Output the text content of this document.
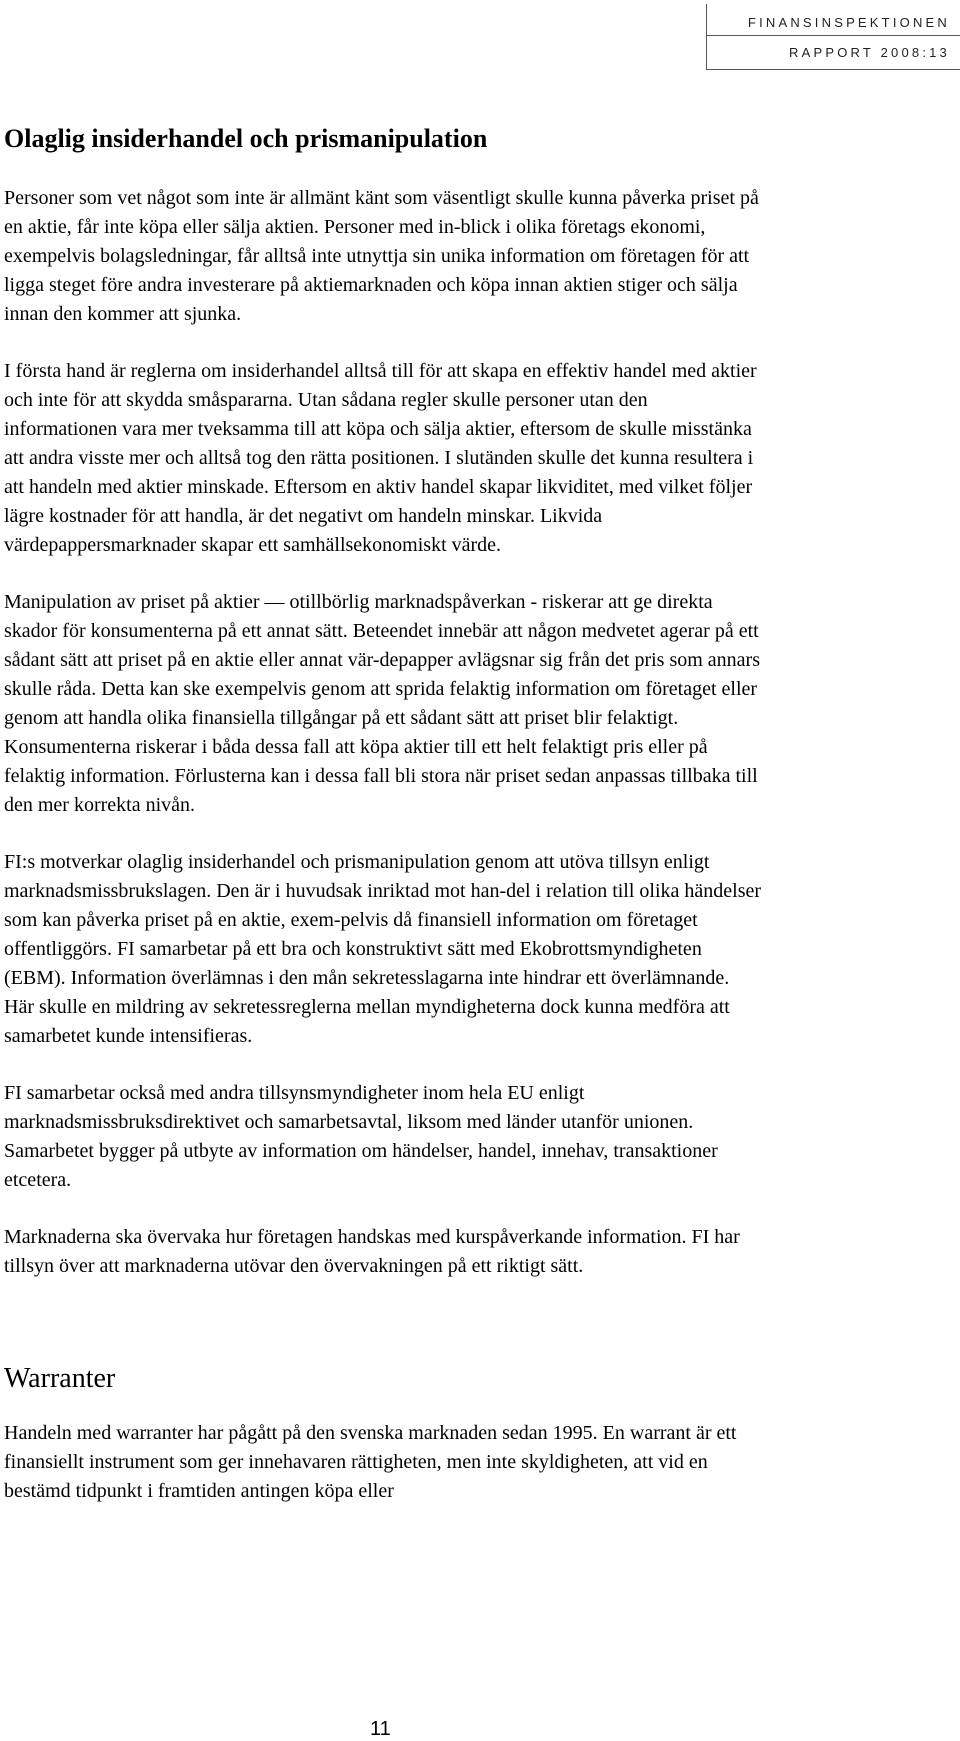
FINANSINSPEKTIONEN
RAPPORT 2008:13
Olaglig insiderhandel och prismanipulation

Personer som vet något som inte är allmänt känt som väsentligt skulle kunna påverka priset på en aktie, får inte köpa eller sälja aktien. Personer med in-blick i olika företags ekonomi, exempelvis bolagsledningar, får alltså inte utnyttja sin unika information om företagen för att ligga steget före andra investerare på aktiemarknaden och köpa innan aktien stiger och sälja innan den kommer att sjunka.

I första hand är reglerna om insiderhandel alltså till för att skapa en effektiv handel med aktier och inte för att skydda småspararna. Utan sådana regler skulle personer utan den informationen vara mer tveksamma till att köpa och sälja aktier, eftersom de skulle misstänka att andra visste mer och alltså tog den rätta positionen. I slutänden skulle det kunna resultera i att handeln med aktier minskade. Eftersom en aktiv handel skapar likviditet, med vilket följer lägre kostnader för att handla, är det negativt om handeln minskar. Likvida värdepappersmarknader skapar ett samhällsekonomiskt värde.

Manipulation av priset på aktier — otillbörlig marknadspåverkan - riskerar att ge direkta skador för konsumenterna på ett annat sätt. Beteendet innebär att någon medvetet agerar på ett sådant sätt att priset på en aktie eller annat vär-depapper avlägsnar sig från det pris som annars skulle råda. Detta kan ske exempelvis genom att sprida felaktig information om företaget eller genom att handla olika finansiella tillgångar på ett sådant sätt att priset blir felaktigt. Konsumenterna riskerar i båda dessa fall att köpa aktier till ett helt felaktigt pris eller på felaktig information. Förlusterna kan i dessa fall bli stora när priset sedan anpassas tillbaka till den mer korrekta nivån.

FI:s motverkar olaglig insiderhandel och prismanipulation genom att utöva tillsyn enligt marknadsmissbrukslagen. Den är i huvudsak inriktad mot han-del i relation till olika händelser som kan påverka priset på en aktie, exem-pelvis då finansiell information om företaget offentliggörs. FI samarbetar på ett bra och konstruktivt sätt med Ekobrottsmyndigheten (EBM). Information överlämnas i den mån sekretesslagarna inte hindrar ett överlämnande. Här skulle en mildring av sekretessreglerna mellan myndigheterna dock kunna medföra att samarbetet kunde intensifieras.

FI samarbetar också med andra tillsynsmyndigheter inom hela EU enligt marknadsmissbruksdirektivet och samarbetsavtal, liksom med länder utanför unionen. Samarbetet bygger på utbyte av information om händelser, handel, innehav, transaktioner etcetera.

Marknaderna ska övervaka hur företagen handskas med kurspåverkande information. FI har tillsyn över att marknaderna utövar den övervakningen på ett riktigt sätt.

Warranter

Handeln med warranter har pågått på den svenska marknaden sedan 1995. En warrant är ett finansiellt instrument som ger innehavaren rättigheten, men inte skyldigheten, att vid en bestämd tidpunkt i framtiden antingen köpa eller

11
